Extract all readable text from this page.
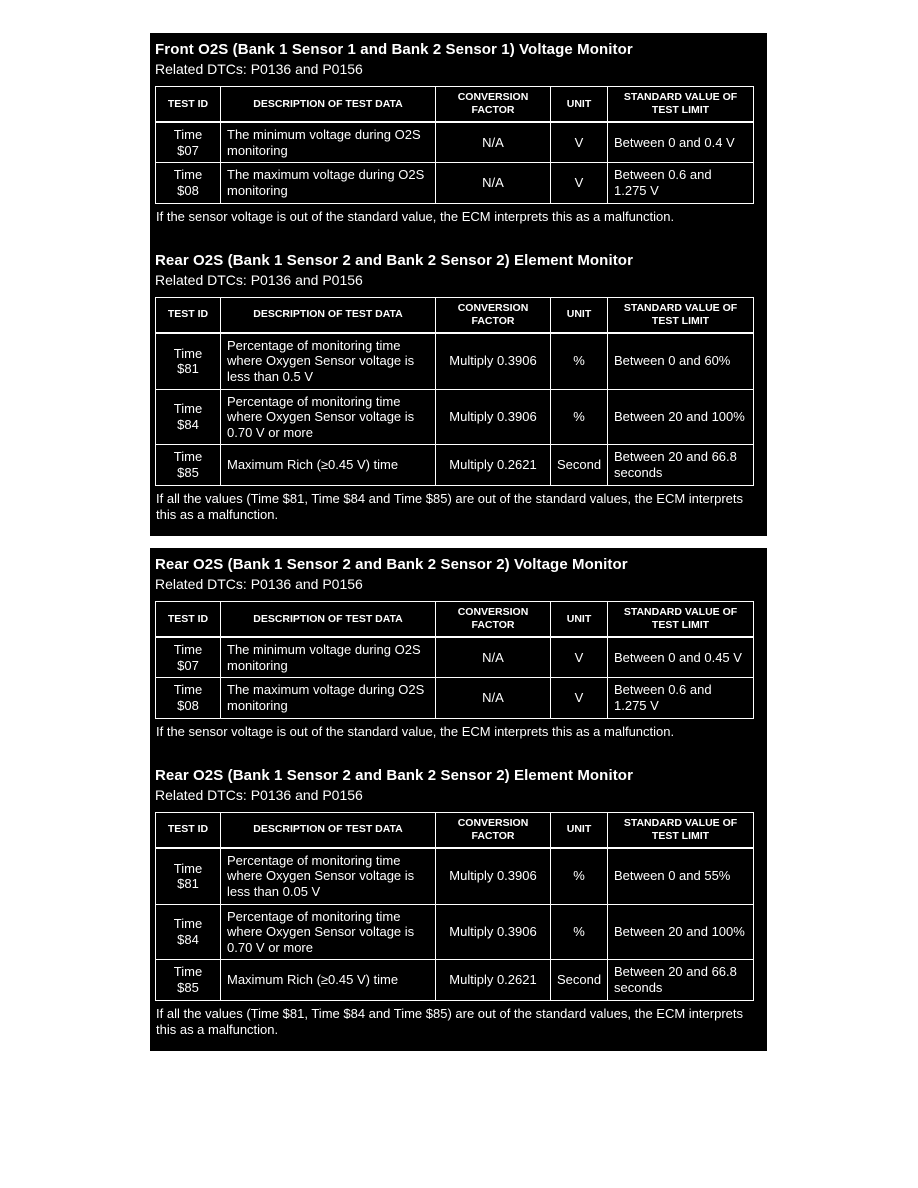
Front O2S (Bank 1 Sensor 1 and Bank 2 Sensor 1) Voltage Monitor
Related DTCs: P0136 and P0156
TEST ID	DESCRIPTION OF TEST DATA	CONVERSION FACTOR	UNIT	STANDARD VALUE OF TEST LIMIT
Time $07	The minimum voltage during O2S monitoring	N/A	V	Between 0 and 0.4 V
Time $08	The maximum voltage during O2S monitoring	N/A	V	Between 0.6 and 1.275 V
If the sensor voltage is out of the standard value, the ECM interprets this as a malfunction.
Rear O2S (Bank 1 Sensor 2 and Bank 2 Sensor 2) Element Monitor
Related DTCs: P0136 and P0156
TEST ID	DESCRIPTION OF TEST DATA	CONVERSION FACTOR	UNIT	STANDARD VALUE OF TEST LIMIT
Time $81	Percentage of monitoring time where Oxygen Sensor voltage is less than 0.5 V	Multiply 0.3906	%	Between 0 and 60%
Time $84	Percentage of monitoring time where Oxygen Sensor voltage is 0.70 V or more	Multiply 0.3906	%	Between 20 and 100%
Time $85	Maximum Rich (≥0.45 V) time	Multiply 0.2621	Second	Between 20 and 66.8 seconds
If all the values (Time $81, Time $84 and Time $85) are out of the standard values, the ECM interprets this as a malfunction.
Rear O2S (Bank 1 Sensor 2 and Bank 2 Sensor 2) Voltage Monitor
Related DTCs: P0136 and P0156
TEST ID	DESCRIPTION OF TEST DATA	CONVERSION FACTOR	UNIT	STANDARD VALUE OF TEST LIMIT
Time $07	The minimum voltage during O2S monitoring	N/A	V	Between 0 and 0.45 V
Time $08	The maximum voltage during O2S monitoring	N/A	V	Between 0.6 and 1.275 V
If the sensor voltage is out of the standard value, the ECM interprets this as a malfunction.
Rear O2S (Bank 1 Sensor 2 and Bank 2 Sensor 2) Element Monitor
Related DTCs: P0136 and P0156
TEST ID	DESCRIPTION OF TEST DATA	CONVERSION FACTOR	UNIT	STANDARD VALUE OF TEST LIMIT
Time $81	Percentage of monitoring time where Oxygen Sensor voltage is less than 0.05 V	Multiply 0.3906	%	Between 0 and 55%
Time $84	Percentage of monitoring time where Oxygen Sensor voltage is 0.70 V or more	Multiply 0.3906	%	Between 20 and 100%
Time $85	Maximum Rich (≥0.45 V) time	Multiply 0.2621	Second	Between 20 and 66.8 seconds
If all the values (Time $81, Time $84 and Time $85) are out of the standard values, the ECM interprets this as a malfunction.
